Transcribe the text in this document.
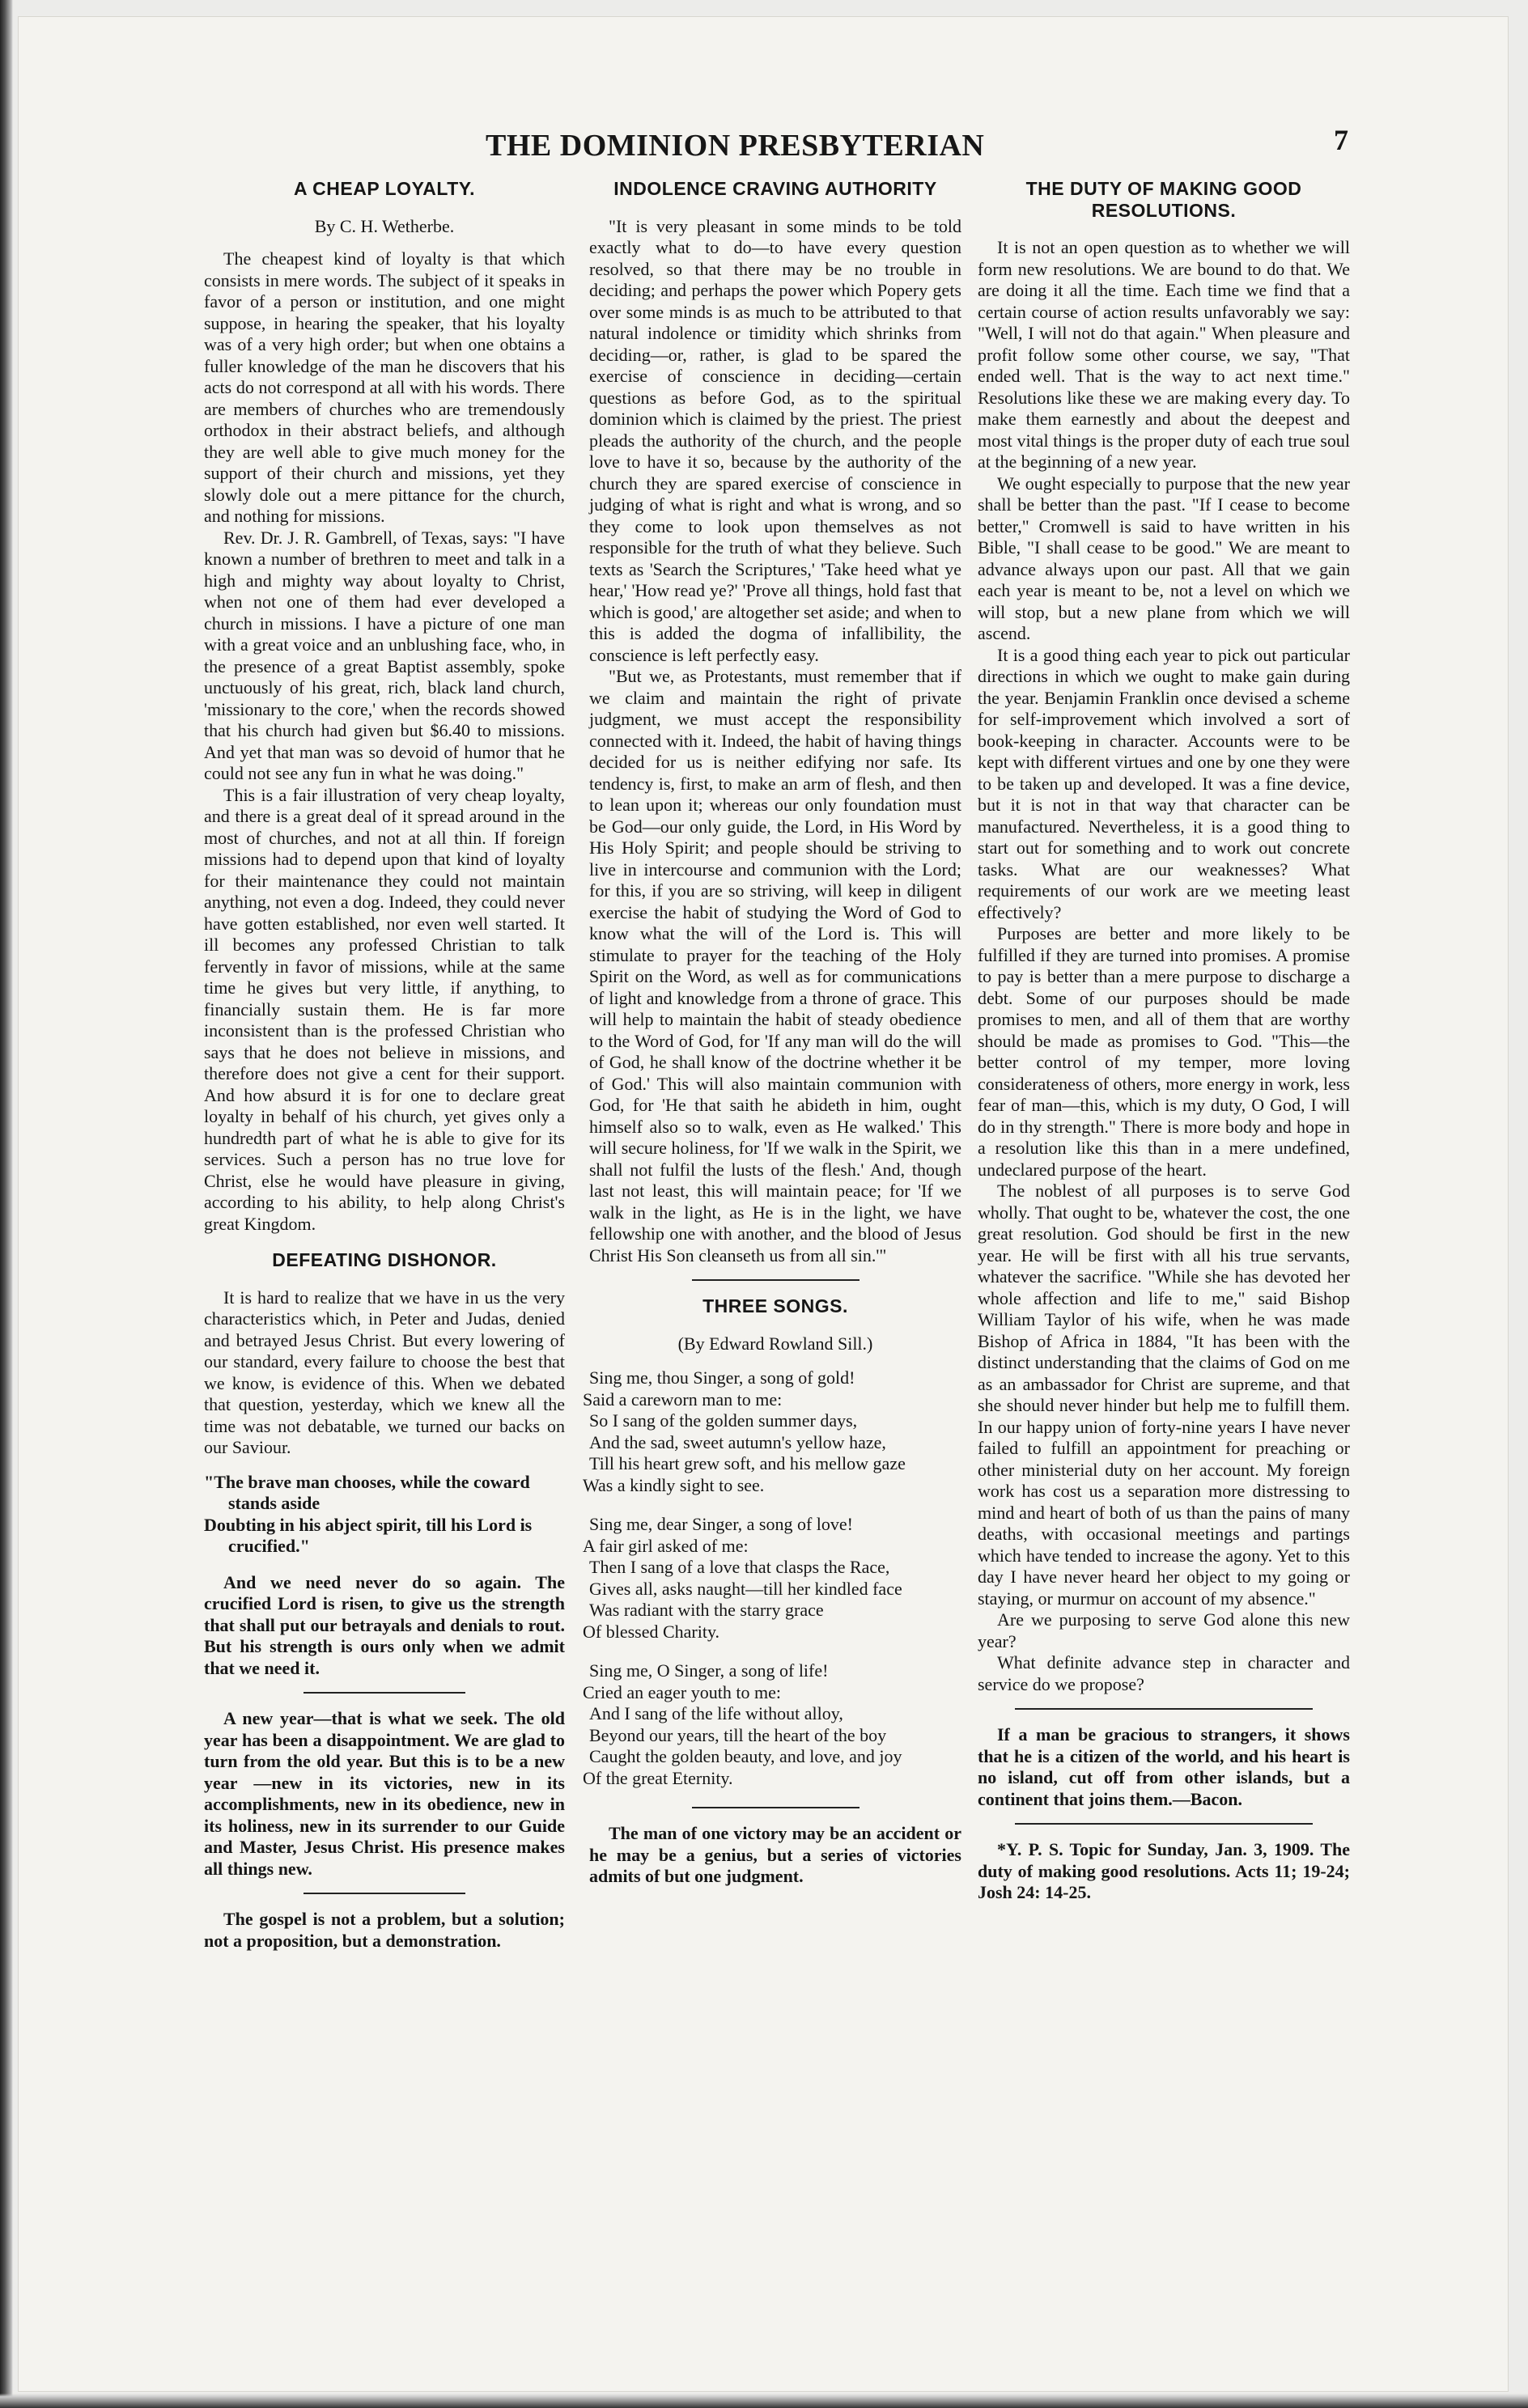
THE DOMINION PRESBYTERIAN	7
A CHEAP LOYALTY.
By C. H. Wetherbe.

The cheapest kind of loyalty is that which consists in mere words. The subject of it speaks in favor of a person or institution, and one might suppose, in hearing the speaker, that his loyalty was of a very high order; but when one obtains a fuller knowledge of the man he discovers that his acts do not correspond at all with his words. There are members of churches who are tremendously orthodox in their abstract beliefs, and although they are well able to give much money for the support of their church and missions, yet they slowly dole out a mere pittance for the church, and nothing for missions.

Rev. Dr. J. R. Gambrell, of Texas, says: "I have known a number of brethren to meet and talk in a high and mighty way about loyalty to Christ, when not one of them had ever developed a church in missions. I have a picture of one man with a great voice and an unblushing face, who, in the presence of a great Baptist assembly, spoke unctuously of his great, rich, black land church, 'missionary to the core,' when the records showed that his church had given but $6.40 to missions. And yet that man was so devoid of humor that he could not see any fun in what he was doing."

This is a fair illustration of very cheap loyalty, and there is a great deal of it spread around in the most of churches, and not at all thin. If foreign missions had to depend upon that kind of loyalty for their maintenance they could not maintain anything, not even a dog. Indeed, they could never have gotten established, nor even well started. It ill becomes any professed Christian to talk fervently in favor of missions, while at the same time he gives but very little, if anything, to financially sustain them. He is far more inconsistent than is the professed Christian who says that he does not believe in missions, and therefore does not give a cent for their support. And how absurd it is for one to declare great loyalty in behalf of his church, yet gives only a hundredth part of what he is able to give for its services. Such a person has no true love for Christ, else he would have pleasure in giving, according to his ability, to help along Christ's great Kingdom.

DEFEATING DISHONOR.

It is hard to realize that we have in us the very characteristics which, in Peter and Judas, denied and betrayed Jesus Christ. But every lowering of our standard, every failure to choose the best that we know, is evidence of this. When we debated that question, yesterday, which we knew all the time was not debatable, we turned our backs on our Saviour.

"The brave man chooses, while the coward stands aside
Doubting in his abject spirit, till his Lord is crucified."

And we need never do so again. The crucified Lord is risen, to give us the strength that shall put our betrayals and denials to rout. But his strength is ours only when we admit that we need it.

A new year—that is what we seek. The old year has been a disappointment. We are glad to turn from the old year. But this is to be a new year —new in its victories, new in its accomplishments, new in its obedience, new in its holiness, new in its surrender to our Guide and Master, Jesus Christ. His presence makes all things new.

The gospel is not a problem, but a solution; not a proposition, but a demonstration.

INDOLENCE CRAVING AUTHORITY

"It is very pleasant in some minds to be told exactly what to do—to have every question resolved, so that there may be no trouble in deciding; and perhaps the power which Popery gets over some minds is as much to be attributed to that natural indolence or timidity which shrinks from deciding—or, rather, is glad to be spared the exercise of conscience in deciding—certain questions as before God, as to the spiritual dominion which is claimed by the priest. The priest pleads the authority of the church, and the people love to have it so, because by the authority of the church they are spared exercise of conscience in judging of what is right and what is wrong, and so they come to look upon themselves as not responsible for the truth of what they believe. Such texts as 'Search the Scriptures,' 'Take heed what ye hear,' 'How read ye?' 'Prove all things, hold fast that which is good,' are altogether set aside; and when to this is added the dogma of infallibility, the conscience is left perfectly easy.

"But we, as Protestants, must remember that if we claim and maintain the right of private judgment, we must accept the responsibility connected with it. Indeed, the habit of having things decided for us is neither edifying nor safe. Its tendency is, first, to make an arm of flesh, and then to lean upon it; whereas our only foundation must be God—our only guide, the Lord, in His Word by His Holy Spirit; and people should be striving to live in intercourse and communion with the Lord; for this, if you are so striving, will keep in diligent exercise the habit of studying the Word of God to know what the will of the Lord is. This will stimulate to prayer for the teaching of the Holy Spirit on the Word, as well as for communications of light and knowledge from a throne of grace. This will help to maintain the habit of steady obedience to the Word of God, for 'If any man will do the will of God, he shall know of the doctrine whether it be of God.' This will also maintain communion with God, for 'He that saith he abideth in him, ought himself also so to walk, even as He walked.' This will secure holiness, for 'If we walk in the Spirit, we shall not fulfil the lusts of the flesh.' And, though last not least, this will maintain peace; for 'If we walk in the light, as He is in the light, we have fellowship one with another, and the blood of Jesus Christ His Son cleanseth us from all sin.'"

THREE SONGS.
(By Edward Rowland Sill.)
Sing me, thou Singer, a song of gold!
Said a careworn man to me:
So I sang of the golden summer days,
And the sad, sweet autumn's yellow haze,
Till his heart grew soft, and his mellow gaze
Was a kindly sight to see.
Sing me, dear Singer, a song of love!
A fair girl asked of me:
Then I sang of a love that clasps the Race,
Gives all, asks naught—till her kindled face
Was radiant with the starry grace
Of blessed Charity.
Sing me, O Singer, a song of life!
Cried an eager youth to me:
And I sang of the life without alloy,
Beyond our years, till the heart of the boy
Caught the golden beauty, and love, and joy
Of the great Eternity.

The man of one victory may be an accident or he may be a genius, but a series of victories admits of but one judgment.

THE DUTY OF MAKING GOOD RESOLUTIONS.

It is not an open question as to whether we will form new resolutions. We are bound to do that. We are doing it all the time. Each time we find that a certain course of action results unfavorably we say: "Well, I will not do that again." When pleasure and profit follow some other course, we say, "That ended well. That is the way to act next time." Resolutions like these we are making every day. To make them earnestly and about the deepest and most vital things is the proper duty of each true soul at the beginning of a new year.

We ought especially to purpose that the new year shall be better than the past. "If I cease to become better," Cromwell is said to have written in his Bible, "I shall cease to be good." We are meant to advance always upon our past. All that we gain each year is meant to be, not a level on which we will stop, but a new plane from which we will ascend.

It is a good thing each year to pick out particular directions in which we ought to make gain during the year. Benjamin Franklin once devised a scheme for self-improvement which involved a sort of book-keeping in character. Accounts were to be kept with different virtues and one by one they were to be taken up and developed. It was a fine device, but it is not in that way that character can be manufactured. Nevertheless, it is a good thing to start out for something and to work out concrete tasks. What are our weaknesses? What requirements of our work are we meeting least effectively?

Purposes are better and more likely to be fulfilled if they are turned into promises. A promise to pay is better than a mere purpose to discharge a debt. Some of our purposes should be made promises to men, and all of them that are worthy should be made as promises to God. "This—the better control of my temper, more loving considerateness of others, more energy in work, less fear of man—this, which is my duty, O God, I will do in thy strength." There is more body and hope in a resolution like this than in a mere undefined, undeclared purpose of the heart.

The noblest of all purposes is to serve God wholly. That ought to be, whatever the cost, the one great resolution. God should be first in the new year. He will be first with all his true servants, whatever the sacrifice. "While she has devoted her whole affection and life to me," said Bishop William Taylor of his wife, when he was made Bishop of Africa in 1884, "It has been with the distinct understanding that the claims of God on me as an ambassador for Christ are supreme, and that she should never hinder but help me to fulfill them. In our happy union of forty-nine years I have never failed to fulfill an appointment for preaching or other ministerial duty on her account. My foreign work has cost us a separation more distressing to mind and heart of both of us than the pains of many deaths, with occasional meetings and partings which have tended to increase the agony. Yet to this day I have never heard her object to my going or staying, or murmur on account of my absence."

Are we purposing to serve God alone this new year?

What definite advance step in character and service do we propose?

If a man be gracious to strangers, it shows that he is a citizen of the world, and his heart is no island, cut off from other islands, but a continent that joins them.—Bacon.

*Y. P. S. Topic for Sunday, Jan. 3, 1909. The duty of making good resolutions. Acts 11; 19-24; Josh 24: 14-25.
